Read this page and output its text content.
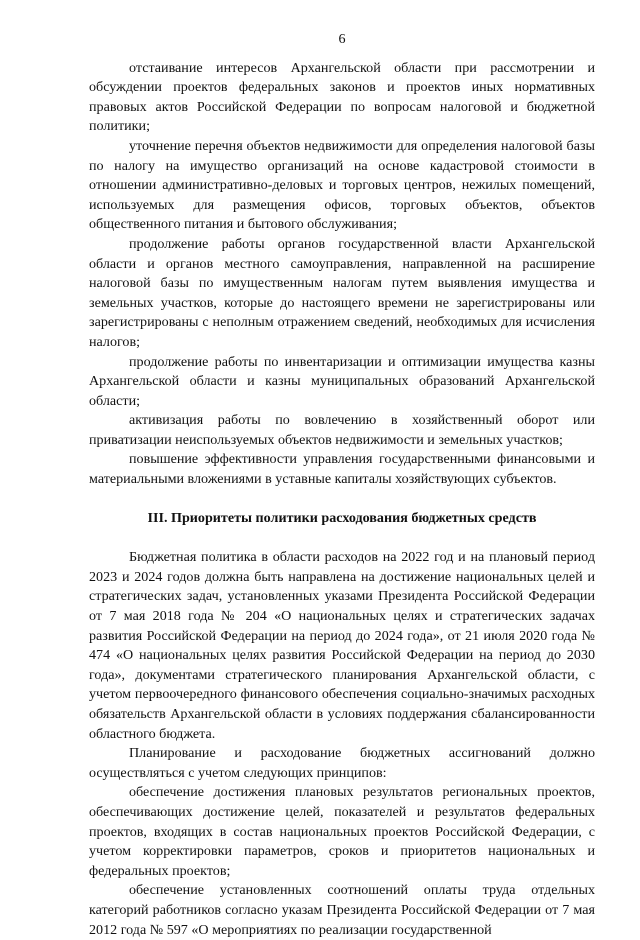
6

отстаивание интересов Архангельской области при рассмотрении и обсуждении проектов федеральных законов и проектов иных нормативных правовых актов Российской Федерации по вопросам налоговой и бюджетной политики;

уточнение перечня объектов недвижимости для определения налоговой базы по налогу на имущество организаций на основе кадастровой стоимости в отношении административно-деловых и торговых центров, нежилых помещений, используемых для размещения офисов, торговых объектов, объектов общественного питания и бытового обслуживания;

продолжение работы органов государственной власти Архангельской области и органов местного самоуправления, направленной на расширение налоговой базы по имущественным налогам путем выявления имущества и земельных участков, которые до настоящего времени не зарегистрированы или зарегистрированы с неполным отражением сведений, необходимых для исчисления налогов;

продолжение работы по инвентаризации и оптимизации имущества казны Архангельской области и казны муниципальных образований Архангельской области;

активизация работы по вовлечению в хозяйственный оборот или приватизации неиспользуемых объектов недвижимости и земельных участков;

повышение эффективности управления государственными финансовыми и материальными вложениями в уставные капиталы хозяйствующих субъектов.

III. Приоритеты политики расходования бюджетных средств

Бюджетная политика в области расходов на 2022 год и на плановый период 2023 и 2024 годов должна быть направлена на достижение национальных целей и стратегических задач, установленных указами Президента Российской Федерации от 7 мая 2018 года № 204 «О национальных целях и стратегических задачах развития Российской Федерации на период до 2024 года», от 21 июля 2020 года № 474 «О национальных целях развития Российской Федерации на период до 2030 года», документами стратегического планирования Архангельской области, с учетом первоочередного финансового обеспечения социально-значимых расходных обязательств Архангельской области в условиях поддержания сбалансированности областного бюджета.

Планирование и расходование бюджетных ассигнований должно осуществляться с учетом следующих принципов:

обеспечение достижения плановых результатов региональных проектов, обеспечивающих достижение целей, показателей и результатов федеральных проектов, входящих в состав национальных проектов Российской Федерации, с учетом корректировки параметров, сроков и приоритетов национальных и федеральных проектов;

обеспечение установленных соотношений оплаты труда отдельных категорий работников согласно указам Президента Российской Федерации от 7 мая 2012 года № 597 «О мероприятиях по реализации государственной
